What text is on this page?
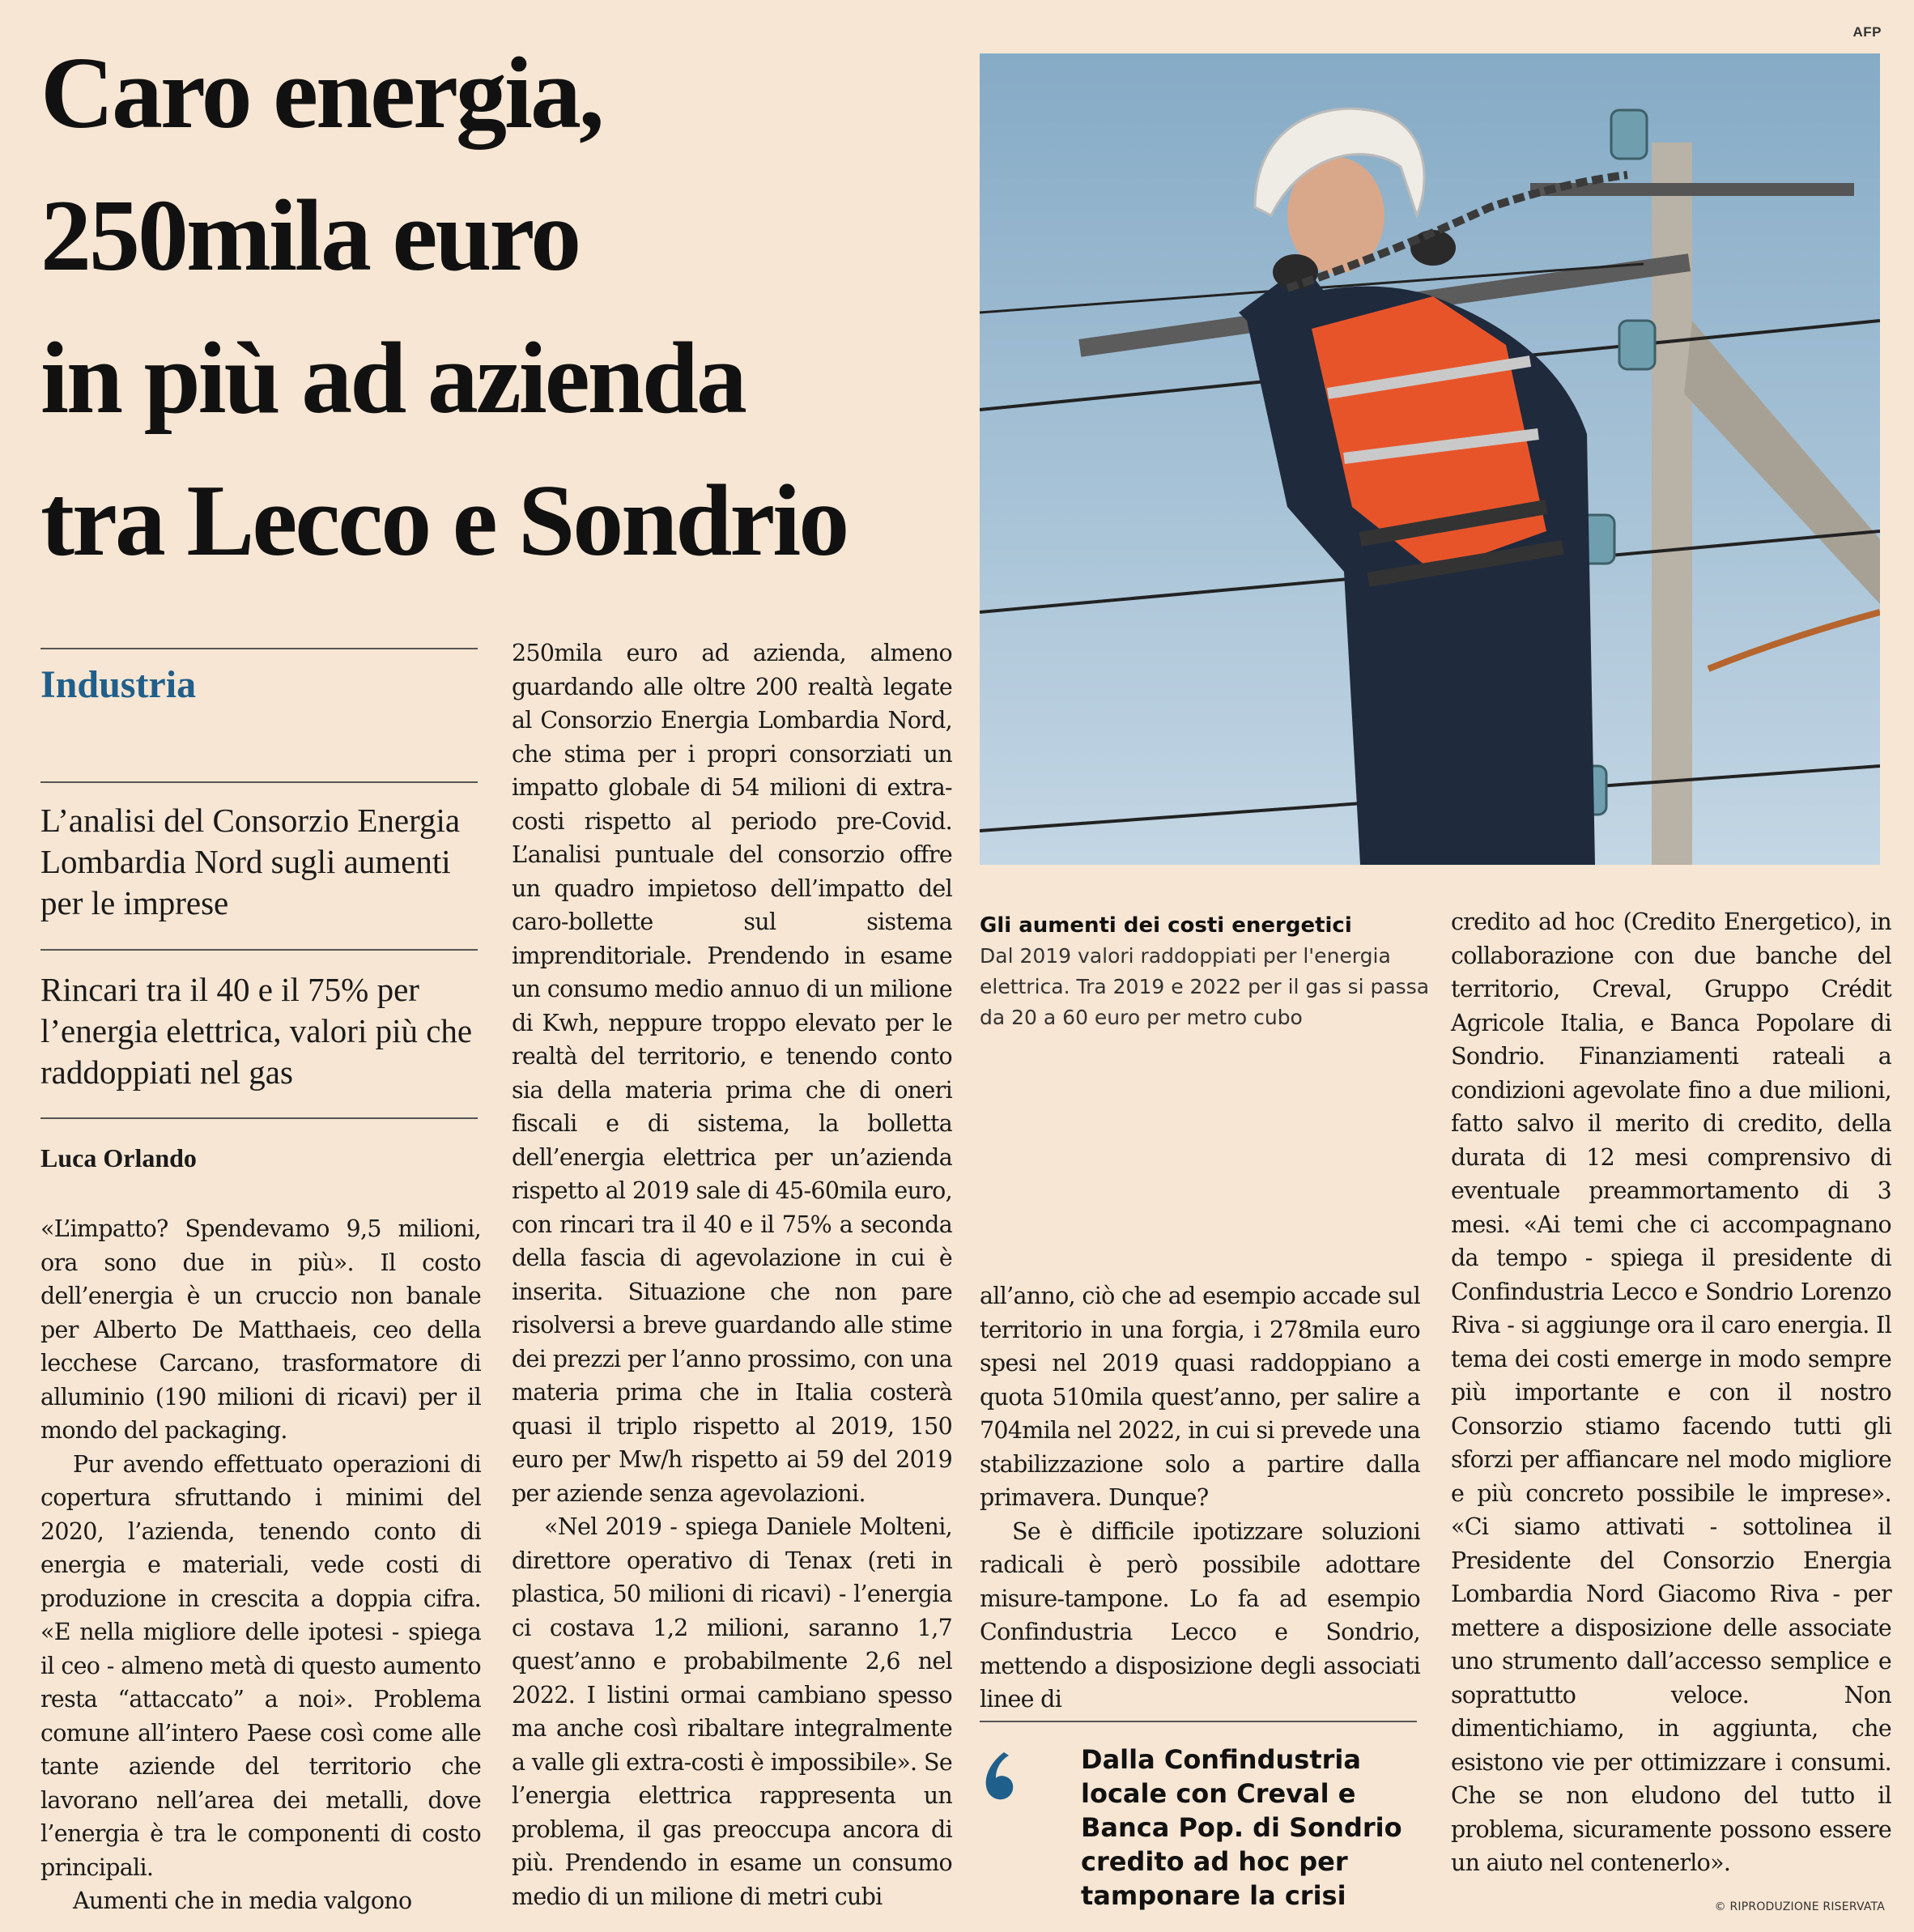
Caro energia,
250mila euro
in più ad azienda
tra Lecco e Sondrio
AFP
Industria

L’analisi del Consorzio Energia Lombardia Nord sugli aumenti per le imprese

Rincari tra il 40 e il 75% per l’energia elettrica, valori più che raddoppiati nel gas

Luca Orlando

«L’impatto? Spendevamo 9,5 milioni, ora sono due in più». Il costo dell’energia è un cruccio non banale per Alberto De Matthaeis, ceo della lecchese Carcano, trasformatore di alluminio (190 milioni di ricavi) per il mondo del packaging.

Pur avendo effettuato operazioni di copertura sfruttando i minimi del 2020, l’azienda, tenendo conto di energia e materiali, vede costi di produzione in crescita a doppia cifra. «E nella migliore delle ipotesi - spiega il ceo - almeno metà di questo aumento resta “attaccato” a noi». Problema comune all’intero Paese così come alle tante aziende del territorio che lavorano nell’area dei metalli, dove l’energia è tra le componenti di costo principali.

Aumenti che in media valgono

250mila euro ad azienda, almeno guardando alle oltre 200 realtà legate al Consorzio Energia Lombardia Nord, che stima per i propri consorziati un impatto globale di 54 milioni di extra-costi rispetto al periodo pre-Covid. L’analisi puntuale del consorzio offre un quadro impietoso dell’impatto del caro-bollette sul sistema imprenditoriale. Prendendo in esame un consumo medio annuo di un milione di Kwh, neppure troppo elevato per le realtà del territorio, e tenendo conto sia della materia prima che di oneri fiscali e di sistema, la bolletta dell’energia elettrica per un’azienda rispetto al 2019 sale di 45-60mila euro, con rincari tra il 40 e il 75% a seconda della fascia di agevolazione in cui è inserita. Situazione che non pare risolversi a breve guardando alle stime dei prezzi per l’anno prossimo, con una materia prima che in Italia costerà quasi il triplo rispetto al 2019, 150 euro per Mw/h rispetto ai 59 del 2019 per aziende senza agevolazioni.

«Nel 2019 - spiega Daniele Molteni, direttore operativo di Tenax (reti in plastica, 50 milioni di ricavi) - l’energia ci costava 1,2 milioni, saranno 1,7 quest’anno e probabilmente 2,6 nel 2022. I listini ormai cambiano spesso ma anche così ribaltare integralmente a valle gli extra-costi è impossibile». Se l’energia elettrica rappresenta un problema, il gas preoccupa ancora di più. Prendendo in esame un consumo medio di un milione di metri cubi

Gli aumenti dei costi energetici

Dal 2019 valori raddoppiati per l'energia elettrica. Tra 2019 e 2022 per il gas si passa da 20 a 60 euro per metro cubo

all’anno, ciò che ad esempio accade sul territorio in una forgia, i 278mila euro spesi nel 2019 quasi raddoppiano a quota 510mila quest’anno, per salire a 704mila nel 2022, in cui si prevede una stabilizzazione solo a partire dalla primavera. Dunque?

Se è difficile ipotizzare soluzioni radicali è però possibile adottare misure-tampone. Lo fa ad esempio Confindustria Lecco e Sondrio, mettendo a disposizione degli associati linee di

Dalla Confindustria locale con Creval e Banca Pop. di Sondrio credito ad hoc per tamponare la crisi

credito ad hoc (Credito Energetico), in collaborazione con due banche del territorio, Creval, Gruppo Crédit Agricole Italia, e Banca Popolare di Sondrio. Finanziamenti rateali a condizioni agevolate fino a due milioni, fatto salvo il merito di credito, della durata di 12 mesi comprensivo di eventuale preammortamento di 3 mesi. «Ai temi che ci accompagnano da tempo - spiega il presidente di Confindustria Lecco e Sondrio Lorenzo Riva - si aggiunge ora il caro energia. Il tema dei costi emerge in modo sempre più importante e con il nostro Consorzio stiamo facendo tutti gli sforzi per affiancare nel modo migliore e più concreto possibile le imprese». «Ci siamo attivati - sottolinea il Presidente del Consorzio Energia Lombardia Nord Giacomo Riva - per mettere a disposizione delle associate uno strumento dall’accesso semplice e soprattutto veloce. Non dimentichiamo, in aggiunta, che esistono vie per ottimizzare i consumi. Che se non eludono del tutto il problema, sicuramente possono essere un aiuto nel contenerlo».

© RIPRODUZIONE RISERVATA
